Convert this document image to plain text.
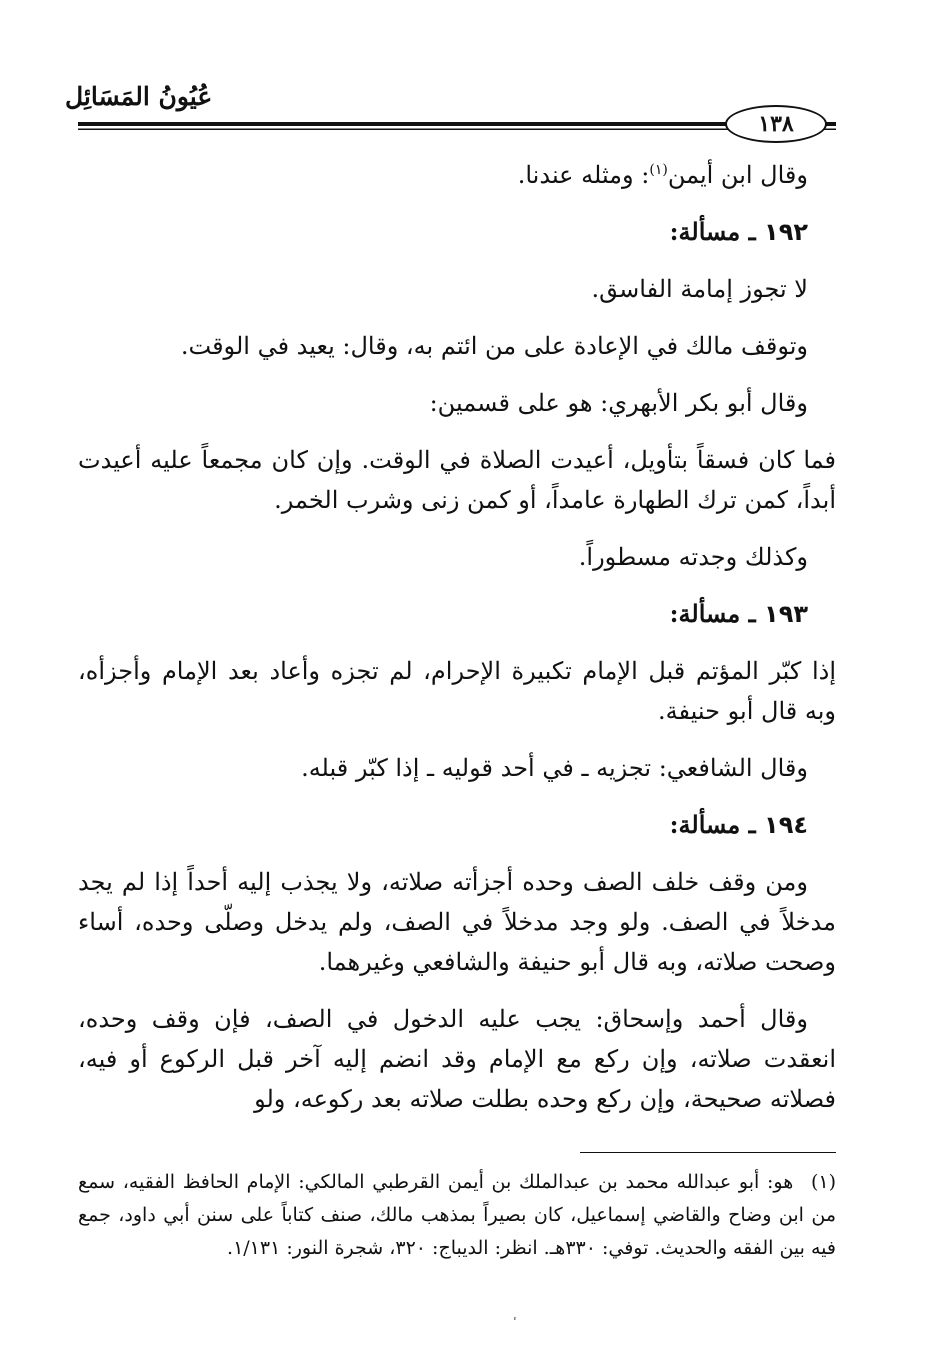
عُيُونُ المَسَائِل
١٣٨

وقال ابن أيمن$^{(١)}$: ومثله عندنا.

١٩٢ ـ مسألة:

لا تجوز إمامة الفاسق.

وتوقف مالك في الإعادة على من ائتم به، وقال: يعيد في الوقت.

وقال أبو بكر الأبهري: هو على قسمين:

فما كان فسقاً بتأويل، أعيدت الصلاة في الوقت. وإن كان مجمعاً عليه أعيدت أبداً، كمن ترك الطهارة عامداً، أو كمن زنى وشرب الخمر.

وكذلك وجدته مسطوراً.

١٩٣ ـ مسألة:

إذا كبّر المؤتم قبل الإمام تكبيرة الإحرام، لم تجزه وأعاد بعد الإمام وأجزأه، وبه قال أبو حنيفة.

وقال الشافعي: تجزيه ـ في أحد قوليه ـ إذا كبّر قبله.

١٩٤ ـ مسألة:

ومن وقف خلف الصف وحده أجزأته صلاته، ولا يجذب إليه أحداً إذا لم يجد مدخلاً في الصف. ولو وجد مدخلاً في الصف، ولم يدخل وصلّى وحده، أساء وصحت صلاته، وبه قال أبو حنيفة والشافعي وغيرهما.

وقال أحمد وإسحاق: يجب عليه الدخول في الصف، فإن وقف وحده، انعقدت صلاته، وإن ركع مع الإمام وقد انضم إليه آخر قبل الركوع أو فيه، فصلاته صحيحة، وإن ركع وحده بطلت صلاته بعد ركوعه، ولو

(١) هو: أبو عبدالله محمد بن عبدالملك بن أيمن القرطبي المالكي: الإمام الحافظ الفقيه، سمع من ابن وضاح والقاضي إسماعيل، كان بصيراً بمذهب مالك، صنف كتاباً على سنن أبي داود، جمع فيه بين الفقه والحديث. توفي: ٣٣٠هـ. انظر: الديباج: ٣٢٠، شجرة النور: ١/١٣١.
